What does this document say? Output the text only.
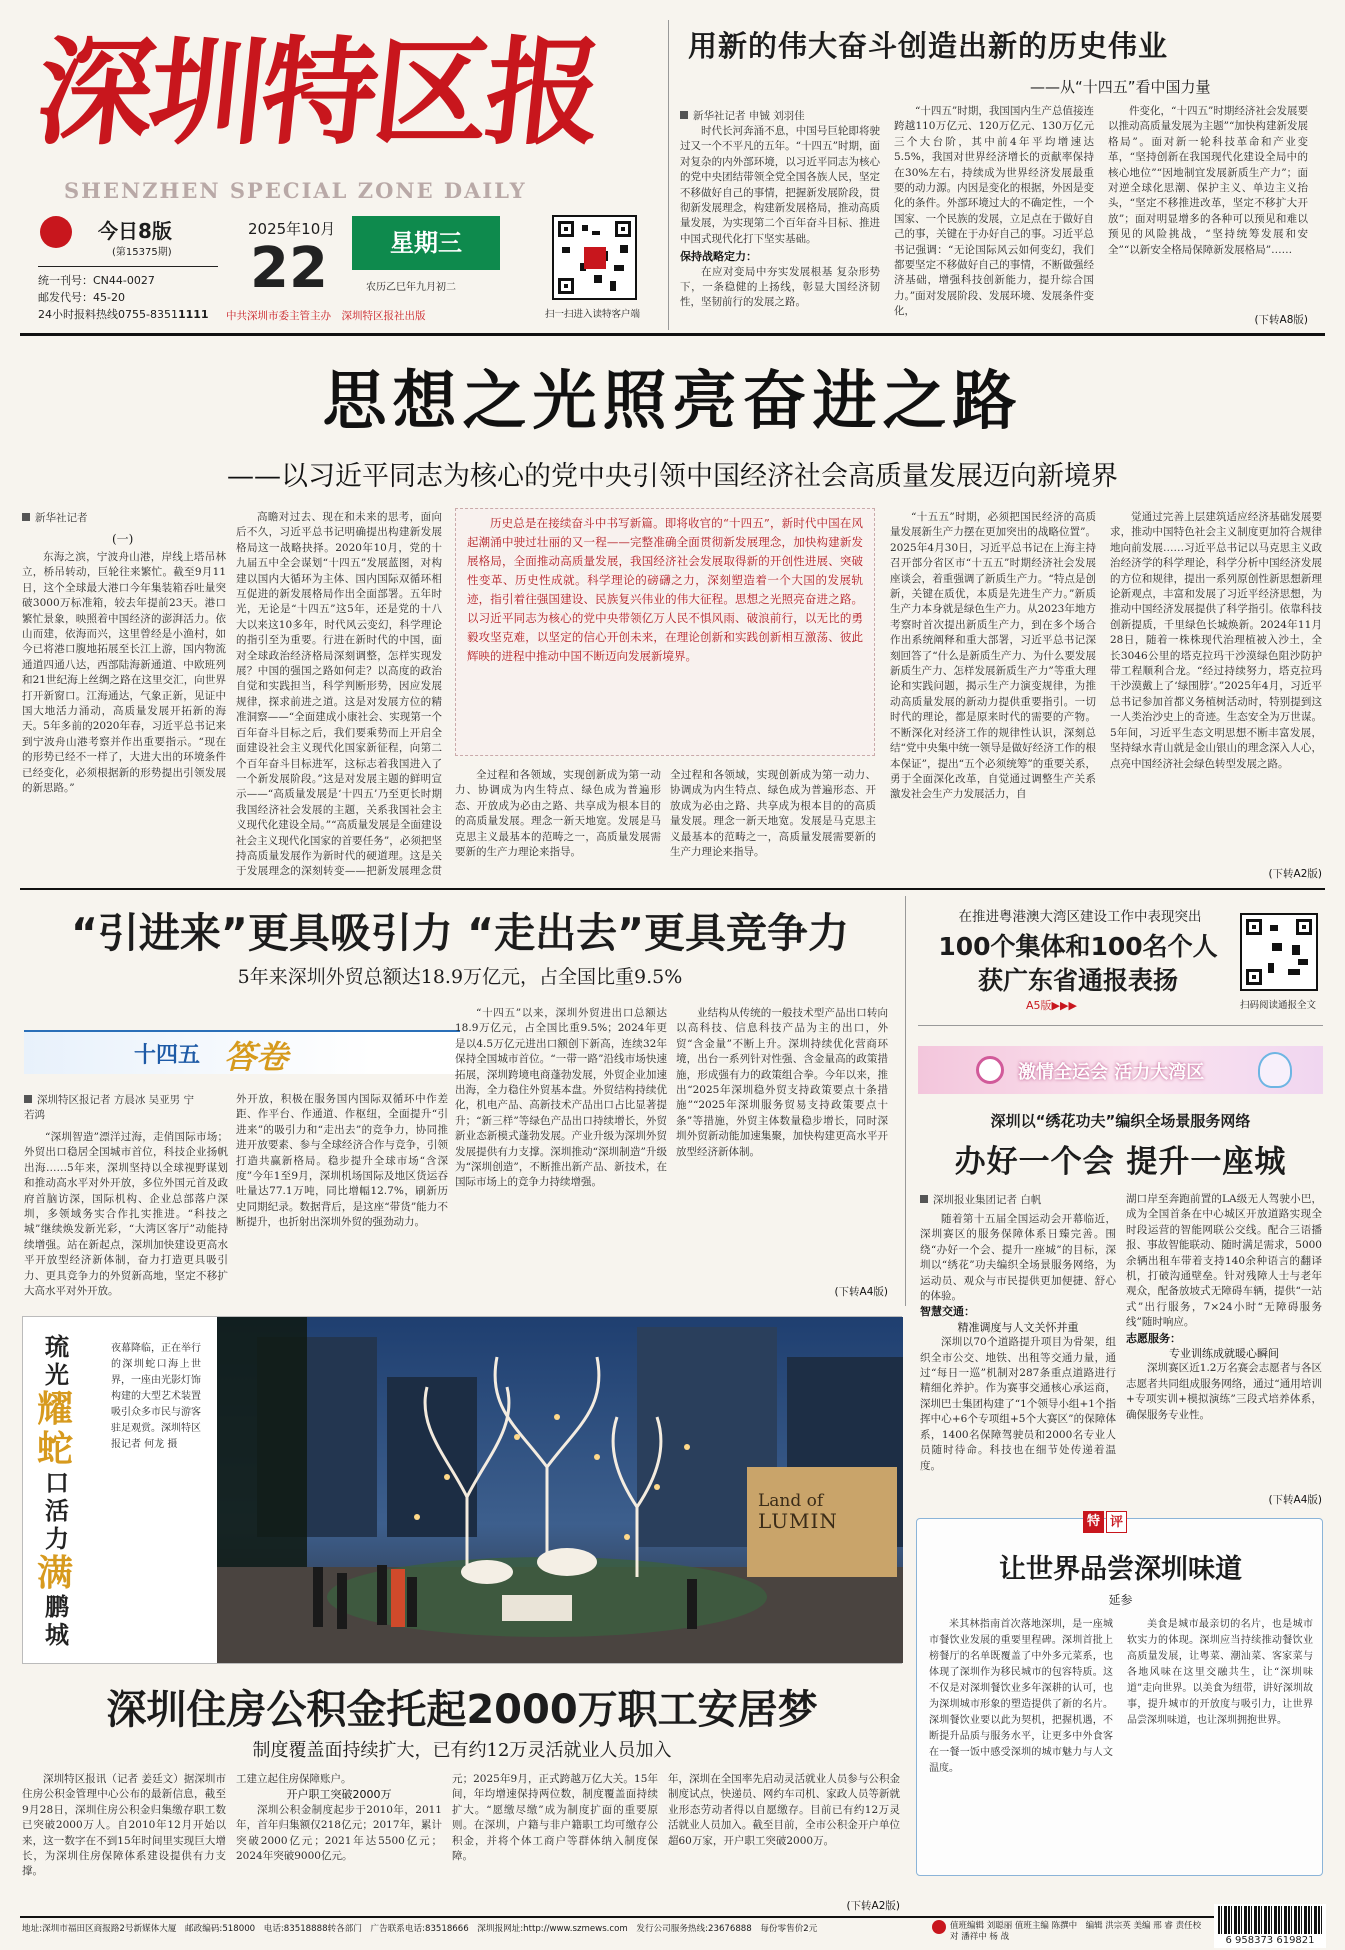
深圳特区报
SHENZHEN SPECIAL ZONE DAILY
今日8版
(第15375期)
统一刊号：CN44-0027
邮发代号：45-20
24小时报料热线0755-83511111
2025年10月
22	星期三
农历乙巳年九月初二
中共深圳市委主管主办　深圳特区报社出版	扫一扫进入读特客户端
用新的伟大奋斗创造出新的历史伟业
——从“十四五”看中国力量
新华社记者 申铖 刘羽佳

时代长河奔涌不息，中国号巨轮即将驶过又一个不平凡的五年。“十四五”时期，面对复杂的内外部环境，以习近平同志为核心的党中央团结带领全党全国各族人民，坚定不移做好自己的事情，把握新发展阶段，贯彻新发展理念，构建新发展格局，推动高质量发展，为实现第二个百年奋斗目标、推进中国式现代化打下坚实基础。

保持战略定力：

在应对变局中夯实发展根基 复杂形势下，一条稳健的上扬线，彰显大国经济韧性，坚韧前行的发展之路。

“十四五”时期，我国国内生产总值接连跨越110万亿元、120万亿元、130万亿元三个大台阶，其中前4年平均增速达5.5%，我国对世界经济增长的贡献率保持在30%左右，持续成为世界经济发展最重要的动力源。内因是变化的根据，外因是变化的条件。外部环境过大的不确定性，一个国家、一个民族的发展，立足点在于做好自己的事，关键在于办好自己的事。习近平总书记强调：“无论国际风云如何变幻，我们都要坚定不移做好自己的事情，不断做强经济基础，增强科技创新能力，提升综合国力。”面对发展阶段、发展环境、发展条件变化，

件变化，“十四五”时期经济社会发展要以推动高质量发展为主题”“加快构建新发展格局”。面对新一轮科技革命和产业变革，“坚持创新在我国现代化建设全局中的核心地位”“因地制宜发展新质生产力”；面对逆全球化思潮、保护主义、单边主义抬头，“坚定不移推进改革，坚定不移扩大开放”；面对明显增多的各种可以预见和难以预见的风险挑战，“坚持统筹发展和安全”“以新安全格局保障新发展格局”……

(下转A8版)
思想之光照亮奋进之路
——以习近平同志为核心的党中央引领中国经济社会高质量发展迈向新境界
新华社记者
(一)

东海之滨，宁波舟山港，岸线上塔吊林立，桥吊转动，巨轮往来繁忙。截至9月11日，这个全球最大港口今年集装箱吞吐量突破3000万标准箱，较去年提前23天。港口繁忙景象，映照着中国经济的澎湃活力。依山而建，依海而兴，这里曾经是小渔村，如今已将港口腹地拓展至长江上游，国内物流通道四通八达，西部陆海新通道、中欧班列和21世纪海上丝绸之路在这里交汇，向世界打开新窗口。江海通达，气象正新，见证中国大地活力涌动，高质量发展开拓新的海天。5年多前的2020年春，习近平总书记来到宁波舟山港考察并作出重要指示。“现在的形势已经不一样了，大进大出的环境条件已经变化，必须根据新的形势提出引领发展的新思路。”

高瞻对过去、现在和未来的思考，面向后不久，习近平总书记明确提出构建新发展格局这一战略抉择。2020年10月，党的十九届五中全会谋划“十四五”发展蓝图，对构建以国内大循环为主体、国内国际双循环相互促进的新发展格局作出全面部署。五年时光，无论是“十四五”这5年，还是党的十八大以来这10多年，时代风云变幻，科学理论的指引至为重要。行进在新时代的中国，面对全球政治经济格局深刻调整，怎样实现发展？中国的强国之路如何走？以高度的政治自觉和实践担当，科学判断形势，因应发展规律，探求前进之道。这是对发展方位的精准洞察——“全面建成小康社会、实现第一个百年奋斗目标之后，我们要乘势而上开启全面建设社会主义现代化国家新征程，向第二个百年奋斗目标进军，这标志着我国进入了一个新发展阶段。”这是对发展主题的鲜明宣示——“高质量发展是‘十四五’乃至更长时期我国经济社会发展的主题，关系我国社会主义现代化建设全局。”“高质量发展是全面建设社会主义现代化国家的首要任务”，必须把坚持高质量发展作为新时代的硬道理。这是关于发展理念的深刻转变——把新发展理念贯

历史总是在接续奋斗中书写新篇。即将收官的“十四五”，新时代中国在风起潮涌中驶过壮丽的又一程——完整准确全面贯彻新发展理念，加快构建新发展格局，全面推动高质量发展，我国经济社会发展取得新的开创性进展、突破性变革、历史性成就。科学理论的磅礴之力，深刻塑造着一个大国的发展轨迹，指引着往强国建设、民族复兴伟业的伟大征程。思想之光照亮奋进之路。以习近平同志为核心的党中央带领亿万人民不惧风雨、破浪前行，以无比的勇毅攻坚克难，以坚定的信心开创未来，在理论创新和实践创新相互激荡、彼此辉映的进程中推动中国不断迈向发展新境界。

全过程和各领域，实现创新成为第一动力、协调成为内生特点、绿色成为普遍形态、开放成为必由之路、共享成为根本目的的高质量发展。理念一新天地宽。发展是马克思主义最基本的范畴之一，高质量发展需要新的生产力理论来指导。

全过程和各领域，实现创新成为第一动力、协调成为内生特点、绿色成为普遍形态、开放成为必由之路、共享成为根本目的的高质量发展。理念一新天地宽。发展是马克思主义最基本的范畴之一，高质量发展需要新的生产力理论来指导。

“十五五”时期，必须把国民经济的高质量发展新生产力摆在更加突出的战略位置”。2025年4月30日，习近平总书记在上海主持召开部分省区市“十五五”时期经济社会发展座谈会，着重强调了新质生产力。“特点是创新，关键在质优，本质是先进生产力。”新质生产力本身就是绿色生产力。从2023年地方考察时首次提出新质生产力，到在多个场合作出系统阐释和重大部署，习近平总书记深刻回答了“什么是新质生产力、为什么要发展新质生产力、怎样发展新质生产力”等重大理论和实践问题，揭示生产力演变规律，为推动高质量发展的新动力提供重要指引。一切时代的理论，都是原来时代的需要的产物。不断深化对经济工作的规律性认识，深刻总结“党中央集中统一领导是做好经济工作的根本保证”，提出“五个必须统筹”的重要关系，勇于全面深化改革，自觉通过调整生产关系激发社会生产力发展活力，自

觉通过完善上层建筑适应经济基础发展要求，推动中国特色社会主义制度更加符合规律地向前发展……习近平总书记以马克思主义政治经济学的科学理论，科学分析中国经济发展的方位和规律，提出一系列原创性新思想新理论新观点，丰富和发展了习近平经济思想，为推动中国经济发展提供了科学指引。依靠科技创新提质，千里绿色长城焕新。2024年11月28日，随着一株株现代治理植被入沙土，全长3046公里的塔克拉玛干沙漠绿色阻沙防护带工程顺利合龙。“经过持续努力，塔克拉玛干沙漠戴上了‘绿围脖’。”2025年4月，习近平总书记参加首都义务植树活动时，特别提到这一人类治沙史上的奇迹。生态安全为万世谋。5年间，习近平生态文明思想不断丰富发展，坚持绿水青山就是金山银山的理念深入人心，点亮中国经济社会绿色转型发展之路。

(下转A2版)
“引进来”更具吸引力 “走出去”更具竞争力
5年来深圳外贸总额达18.9万亿元，占全国比重9.5%
十四五 答卷
深圳特区报记者 方晨冰 吴亚男 宁若鸿

“深圳智造”漂洋过海，走俏国际市场；外贸出口稳居全国城市首位，科技企业扬帆出海……5年来，深圳坚持以全球视野谋划和推动高水平对外开放，多位外国元首及政府首脑访深，国际机构、企业总部落户深圳，多领域务实合作扎实推进。“科技之城”继续焕发新光彩，“大湾区客厅”动能持续增强。站在新起点，深圳加快建设更高水平开放型经济新体制，奋力打造更具吸引力、更具竞争力的外贸新高地，坚定不移扩大高水平对外开放。

外开放，积极在服务国内国际双循环中作差距、作平台、作通道、作枢纽，全面提升“引进来”的吸引力和“走出去”的竞争力，协同推进开放要素、参与全球经济合作与竞争，引领打造共赢新格局。稳步提升全球市场“含深度”今年1至9月，深圳机场国际及地区货运吞吐量达77.1万吨，同比增幅12.7%，刷新历史同期纪录。数据背后，是这座“带货”能力不断提升，也折射出深圳外贸的强劲动力。

“十四五”以来，深圳外贸进出口总额达18.9万亿元，占全国比重9.5%；2024年更是以4.5万亿元进出口额创下新高，连续32年保持全国城市首位。“一带一路”沿线市场快速拓展，深圳跨境电商蓬勃发展，外贸企业加速出海，全力稳住外贸基本盘。外贸结构持续优化，机电产品、高新技术产品出口占比显著提升；“新三样”等绿色产品出口持续增长，外贸新业态新模式蓬勃发展。产业升级为深圳外贸发展提供有力支撑。深圳推动“深圳制造”升级为“深圳创造”，不断推出新产品、新技术，在国际市场上的竞争力持续增强。

业结构从传统的一般技术型产品出口转向以高科技、信息科技产品为主的出口，外贸“含金量”不断上升。深圳持续优化营商环境，出台一系列针对性强、含金量高的政策措施，形成强有力的政策组合拳。今年以来，推出“2025年深圳稳外贸支持政策要点十条措施”“2025年深圳服务贸易支持政策要点十条”等措施，外贸主体数量稳步增长，同时深圳外贸新动能加速集聚，加快构建更高水平开放型经济新体制。

(下转A4版)
在推进粤港澳大湾区建设工作中表现突出
100个集体和100名个人
获广东省通报表扬
A5版▶▶▶	扫码阅读通报全文
激情全运会 活力大湾区
深圳以“绣花功夫”编织全场景服务网络
办好一个会 提升一座城
深圳报业集团记者 白帆

随着第十五届全国运动会开幕临近，深圳赛区的服务保障体系日臻完善。围绕“办好一个会、提升一座城”的目标，深圳以“绣花”功夫编织全场景服务网络，为运动员、观众与市民提供更加便捷、舒心的体验。

智慧交通：
精准调度与人文关怀并重

深圳以70个道路提升项目为骨架，组织全市公交、地铁、出租等交通力量，通过“每日一巡”机制对287条重点道路进行精细化养护。作为赛事交通核心承运商，深圳巴士集团构建了“1个领导小组+1个指挥中心+6个专项组+5个大赛区”的保障体系，1400名保障驾驶员和2000名专业人员随时待命。科技也在细节处传递着温度。

湖口岸至奔跑前置的LA级无人驾驶小巴，成为全国首条在中心城区开放道路实现全时段运营的智能网联公交线。配合三语播报、事故智能联动、随时满足需求，5000余辆出租车带着支持140余种语言的翻译机，打破沟通壁垒。针对残障人士与老年观众，配备放坡式无障碍车辆，提供“一站式”出行服务，7×24小时“无障碍服务线”随时响应。

志愿服务：
专业训练成就暖心瞬间

深圳赛区近1.2万名赛会志愿者与各区志愿者共同组成服务网络，通过“通用培训+专项实训+模拟演练”三段式培养体系，确保服务专业性。

(下转A4版)
琉
光
耀
蛇
口
活
力
满
鹏
城

夜幕降临，正在举行的深圳蛇口海上世界，一座由光影灯饰构建的大型艺术装置吸引众多市民与游客驻足观赏。深圳特区报记者 何龙 摄

Land of
LUMIN	特 评
让世界品尝深圳味道
延参

米其林指南首次落地深圳，是一座城市餐饮业发展的重要里程碑。深圳首批上榜餐厅的名单既覆盖了中外多元菜系，也体现了深圳作为移民城市的包容特质。这不仅是对深圳餐饮业多年深耕的认可，也为深圳城市形象的塑造提供了新的名片。深圳餐饮业要以此为契机，把握机遇，不断提升品质与服务水平，让更多中外食客在一餐一饭中感受深圳的城市魅力与人文温度。

美食是城市最亲切的名片，也是城市软实力的体现。深圳应当持续推动餐饮业高质量发展，让粤菜、潮汕菜、客家菜与各地风味在这里交融共生，让“深圳味道”走向世界。以美食为纽带，讲好深圳故事，提升城市的开放度与吸引力，让世界品尝深圳味道，也让深圳拥抱世界。

深圳住房公积金托起2000万职工安居梦
制度覆盖面持续扩大，已有约12万灵活就业人员加入

深圳特区报讯（记者 姜廷文）据深圳市住房公积金管理中心公布的最新信息，截至9月28日，深圳住房公积金归集缴存职工数已突破2000万人。自2010年12月开始以来，这一数字在不到15年时间里实现巨大增长，为深圳住房保障体系建设提供有力支撑。

工建立起住房保障账户。

开户职工突破2000万

深圳公积金制度起步于2010年，2011年，首年归集额仅218亿元；2017年，累计突破2000亿元；2021年达5500亿元；2024年突破9000亿元。

元；2025年9月，正式跨越万亿大关。15年间，年均增速保持两位数，制度覆盖面持续扩大。“愿缴尽缴”成为制度扩面的重要原则。在深圳，户籍与非户籍职工均可缴存公积金，并将个体工商户等群体纳入制度保障。

年，深圳在全国率先启动灵活就业人员参与公积金制度试点，快递员、网约车司机、家政人员等新就业形态劳动者得以自愿缴存。目前已有约12万灵活就业人员加入。截至目前，全市公积金开户单位超60万家，开户职工突破2000万。

(下转A2版)
地址:深圳市福田区商报路2号新媒体大厦　邮政编码:518000　电话:83518888转各部门　广告联系电话:83518666　深圳报网址:http://www.szmews.com　发行公司服务热线:23676888　每份零售价2元	值班编辑 刘聪丽 值班主编 陈撰中　编辑 洪宗英 美编 邢 睿 责任校对 潘祥中 杨 战	6 958373 619821
